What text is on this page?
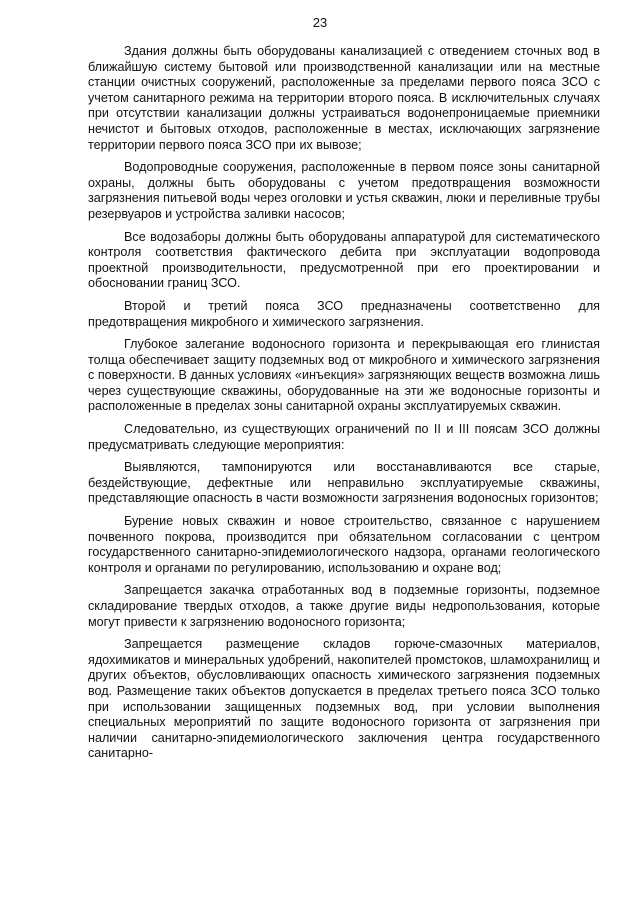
23

Здания должны быть оборудованы канализацией с отведением сточных вод в ближайшую систему бытовой или производственной канализации или на местные станции очистных сооружений, расположенные за пределами первого пояса ЗСО с учетом санитарного режима на территории второго пояса. В исключительных случаях при отсутствии канализации должны устраиваться водонепроницаемые приемники нечистот и бытовых отходов, расположенные в местах, исключающих загрязнение территории первого пояса ЗСО при их вывозе;

Водопроводные сооружения, расположенные в первом поясе зоны санитарной охраны, должны быть оборудованы с учетом предотвращения возможности загрязнения питьевой воды через оголовки и устья скважин, люки и переливные трубы резервуаров и устройства заливки насосов;

Все водозаборы должны быть оборудованы аппаратурой для систематического контроля соответствия фактического дебита при эксплуатации водопровода проектной производительности, предусмотренной при его проектировании и обосновании границ ЗСО.

Второй и третий пояса ЗСО предназначены соответственно для предотвращения микробного и химического загрязнения.

Глубокое залегание водоносного горизонта и перекрывающая его глинистая толща обеспечивает защиту подземных вод от микробного и химического загрязнения с поверхности. В данных условиях «инъекция» загрязняющих веществ возможна лишь через существующие скважины, оборудованные на эти же водоносные горизонты и расположенные в пределах зоны санитарной охраны эксплуатируемых скважин.

Следовательно, из существующих ограничений по II и III поясам ЗСО должны предусматривать следующие мероприятия:

Выявляются, тампонируются или восстанавливаются все старые, бездействующие, дефектные или неправильно эксплуатируемые скважины, представляющие опасность в части возможности загрязнения водоносных горизонтов;

Бурение новых скважин и новое строительство, связанное с нарушением почвенного покрова, производится при обязательном согласовании с центром государственного санитарно-эпидемиологического надзора, органами геологического контроля и органами по регулированию, использованию и охране вод;

Запрещается закачка отработанных вод в подземные горизонты, подземное складирование твердых отходов, а также другие виды недропользования, которые могут привести к загрязнению водоносного горизонта;

Запрещается размещение складов горюче-смазочных материалов, ядохимикатов и минеральных удобрений, накопителей промстоков, шламохранилищ и других объектов, обусловливающих опасность химического загрязнения подземных вод. Размещение таких объектов допускается в пределах третьего пояса ЗСО только при использовании защищенных подземных вод, при условии выполнения специальных мероприятий по защите водоносного горизонта от загрязнения при наличии санитарно-эпидемиологического заключения центра государственного санитарно-
